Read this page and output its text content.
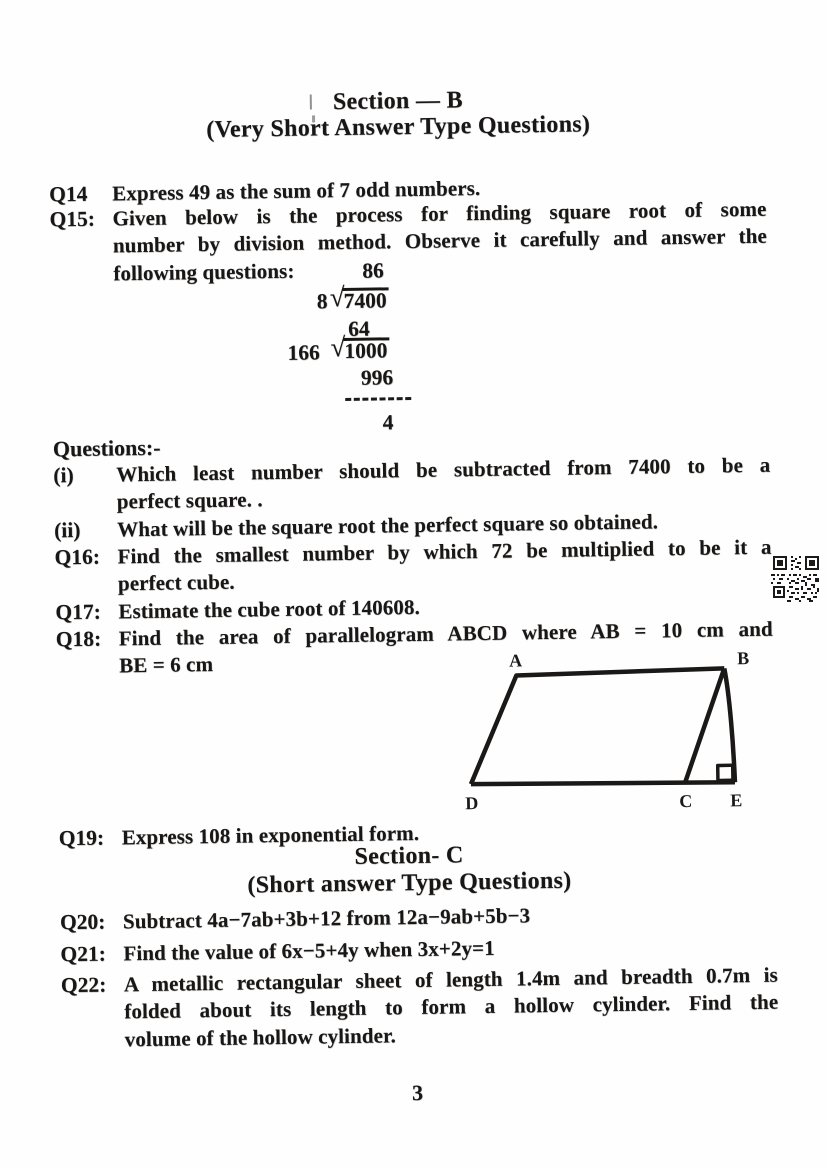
Section — B
(Very Short Answer Type Questions)
Q14 Express 49 as the sum of 7 odd numbers.
Q15: Given below is the process for finding square root of some
number by division method. Observe it carefully and answer the
following questions:	86
8 √
7400
64
166 √
1000
996
4
Questions:-
(i) Which least number should be subtracted from 7400 to be a
perfect square. .
(ii) What will be the square root the perfect square so obtained.
Q16: Find the smallest number by which 72 be multiplied to be it a
perfect cube.
Q17: Estimate the cube root of 140608.
Q18: Find the area of parallelogram ABCD where AB = 10 cm and
BE = 6 cm	A	B
D	C E
Q19: Express 108 in exponential form.
Section- C
(Short answer Type Questions)
Q20: Subtract 4a−7ab+3b+12 from 12a−9ab+5b−3
Q21: Find the value of 6x−5+4y when 3x+2y=1
Q22: A metallic rectangular sheet of length 1.4m and breadth 0.7m is
folded about its length to form a hollow cylinder. Find the
volume of the hollow cylinder.
3
